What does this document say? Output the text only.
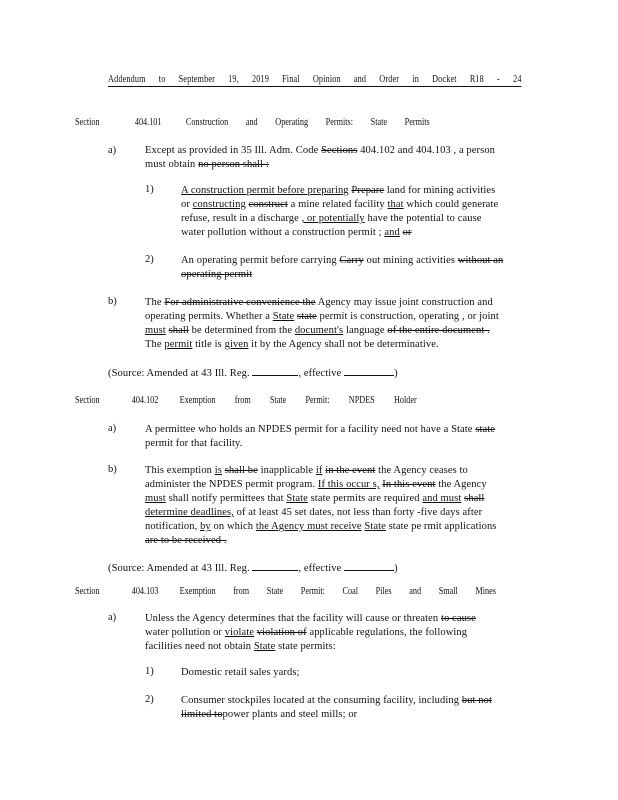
Addendum to September 19, 2019 Final Opinion and Order in Docket R18 - 24
Section	404.101 Construction and Operating Permits: State Permits
a)	Except as provided in 35 Ill. Adm. Code Sections 404.102 and 404.103 , a person
must obtain no person shall :
1)	A construction permit before preparing Prepare land for mining activities
or constructing construct a mine related facility that which could generate
refuse, result in a discharge , or potentially have the potential to cause
water pollution without a construction permit ; and or
2)	An operating permit before carrying Carry out mining activities without an
operating permit
b)	The For administrative convenience the Agency may issue joint construction and
operating permits. Whether a State state permit is construction, operating , or joint
must shall be determined from the document's language of the entire document .
The permit title is given it by the Agency shall not be determinative.
(Source: Amended at 43 Ill. Reg.	, effective	)
Section	404.102 Exemption from State Permit: NPDES Holder
a)	A permittee who holds an NPDES permit for a facility need not have a State state
permit for that facility.
b)	This exemption is shall be inapplicable if in the event the Agency ceases to
administer the NPDES permit program. If this occur s, In this event the Agency
must shall notify permittees that State state permits are required and must shall
determine deadlines, of at least 45 set dates, not less than forty -five days after
notification, by on which the Agency must receive State state pe rmit applications
are to be received .
(Source: Amended at 43 Ill. Reg.	, effective	)
Section	404.103 Exemption from State Permit: Coal Piles and Small Mines
a)	Unless the Agency determines that the facility will cause or threaten to cause
water pollution or violate violation of applicable regulations, the following
facilities need not obtain State state permits:
1)	Domestic retail sales yards;
2)	Consumer stockpiles located at the consuming facility, including but not
limited topower plants and steel mills; or
